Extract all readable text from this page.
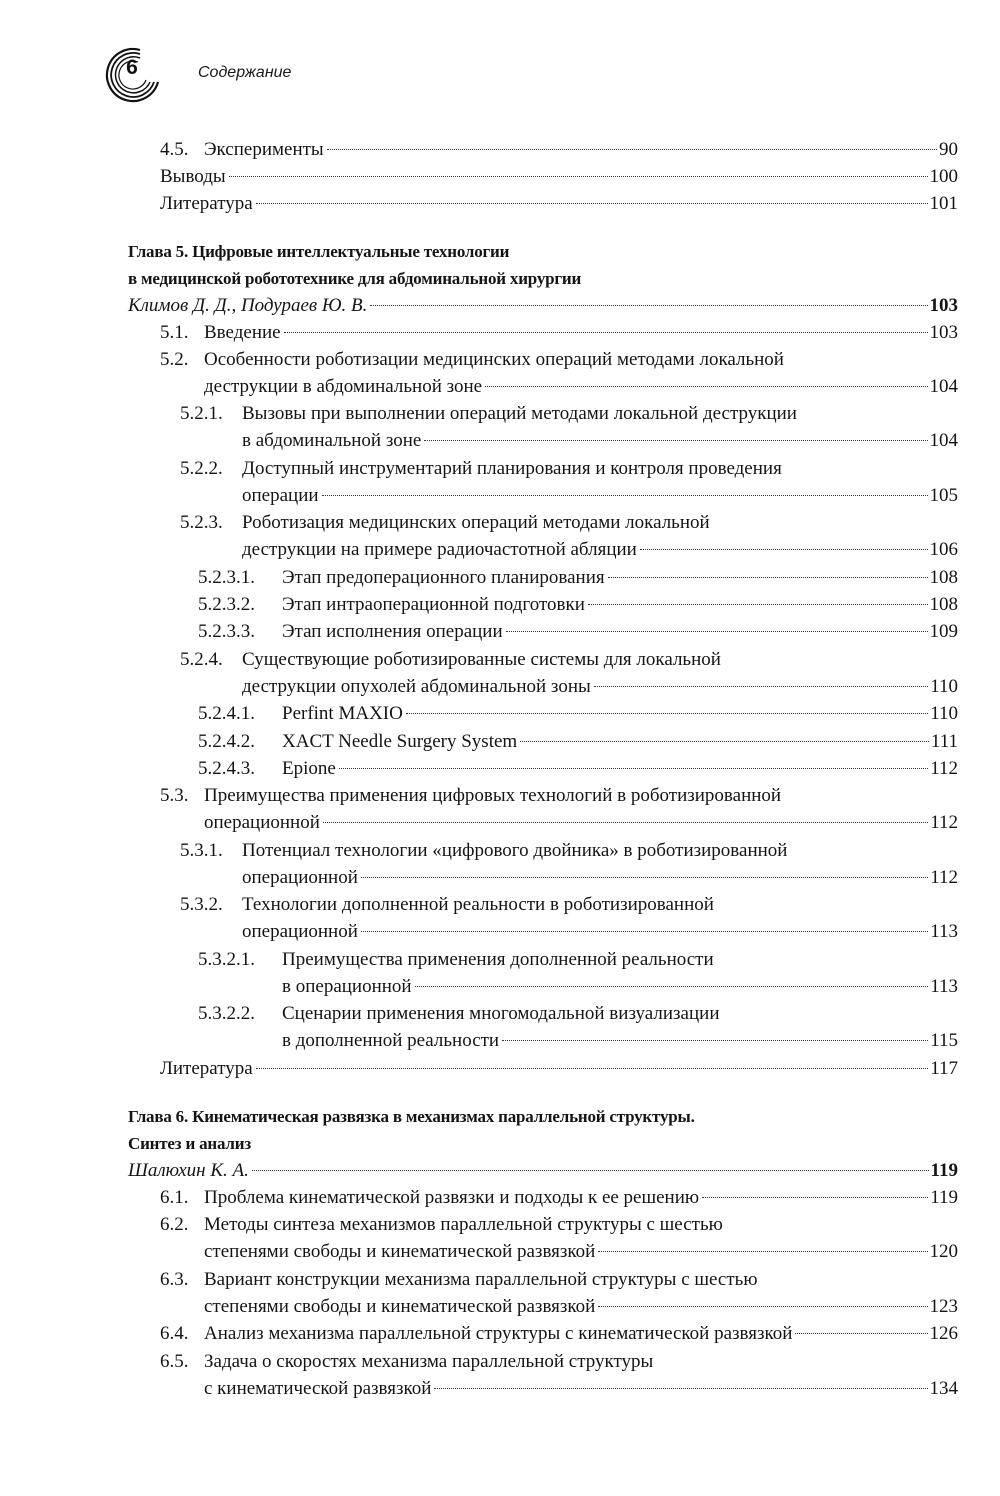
6	Содержание
4.5. Эксперименты	90
Выводы	100
Литература	101
Глава 5. Цифровые интеллектуальные технологии
в медицинской робототехнике для абдоминальной хирургии
Климов Д. Д., Подураев Ю. В.	103
5.1. Введение	103
5.2. Особенности роботизации медицинских операций методами локальной
деструкции в абдоминальной зоне	104
5.2.1. Вызовы при выполнении операций методами локальной деструкции
в абдоминальной зоне	104
5.2.2. Доступный инструментарий планирования и контроля проведения
операции	105
5.2.3. Роботизация медицинских операций методами локальной
деструкции на примере радиочастотной абляции	106
5.2.3.1.	Этап предоперационного планирования	108
5.2.3.2.	Этап интраоперационной подготовки	108
5.2.3.3.	Этап исполнения операции	109
5.2.4. Существующие роботизированные системы для локальной
деструкции опухолей абдоминальной зоны	110
5.2.4.1.	Perfint MAXIO	110
5.2.4.2.	XACT Needle Surgery System	111
5.2.4.3.	Epione	112
5.3. Преимущества применения цифровых технологий в роботизированной
операционной	112
5.3.1. Потенциал технологии «цифрового двойника» в роботизированной
операционной	112
5.3.2. Технологии дополненной реальности в роботизированной
операционной	113
5.3.2.1. Преимущества применения дополненной реальности
в операционной	113
5.3.2.2. Сценарии применения многомодальной визуализации
в дополненной реальности	115
Литература	117
Глава 6. Кинематическая развязка в механизмах параллельной структуры.
Синтез и анализ
Шалюхин К. А.	119
6.1. Проблема кинематической развязки и подходы к ее решению	119
6.2. Методы синтеза механизмов параллельной структуры с шестью
степенями свободы и кинематической развязкой	120
6.3. Вариант конструкции механизма параллельной структуры с шестью
степенями свободы и кинематической развязкой	123
6.4. Анализ механизма параллельной структуры с кинематической развязкой	126
6.5. Задача о скоростях механизма параллельной структуры
с кинематической развязкой	134
